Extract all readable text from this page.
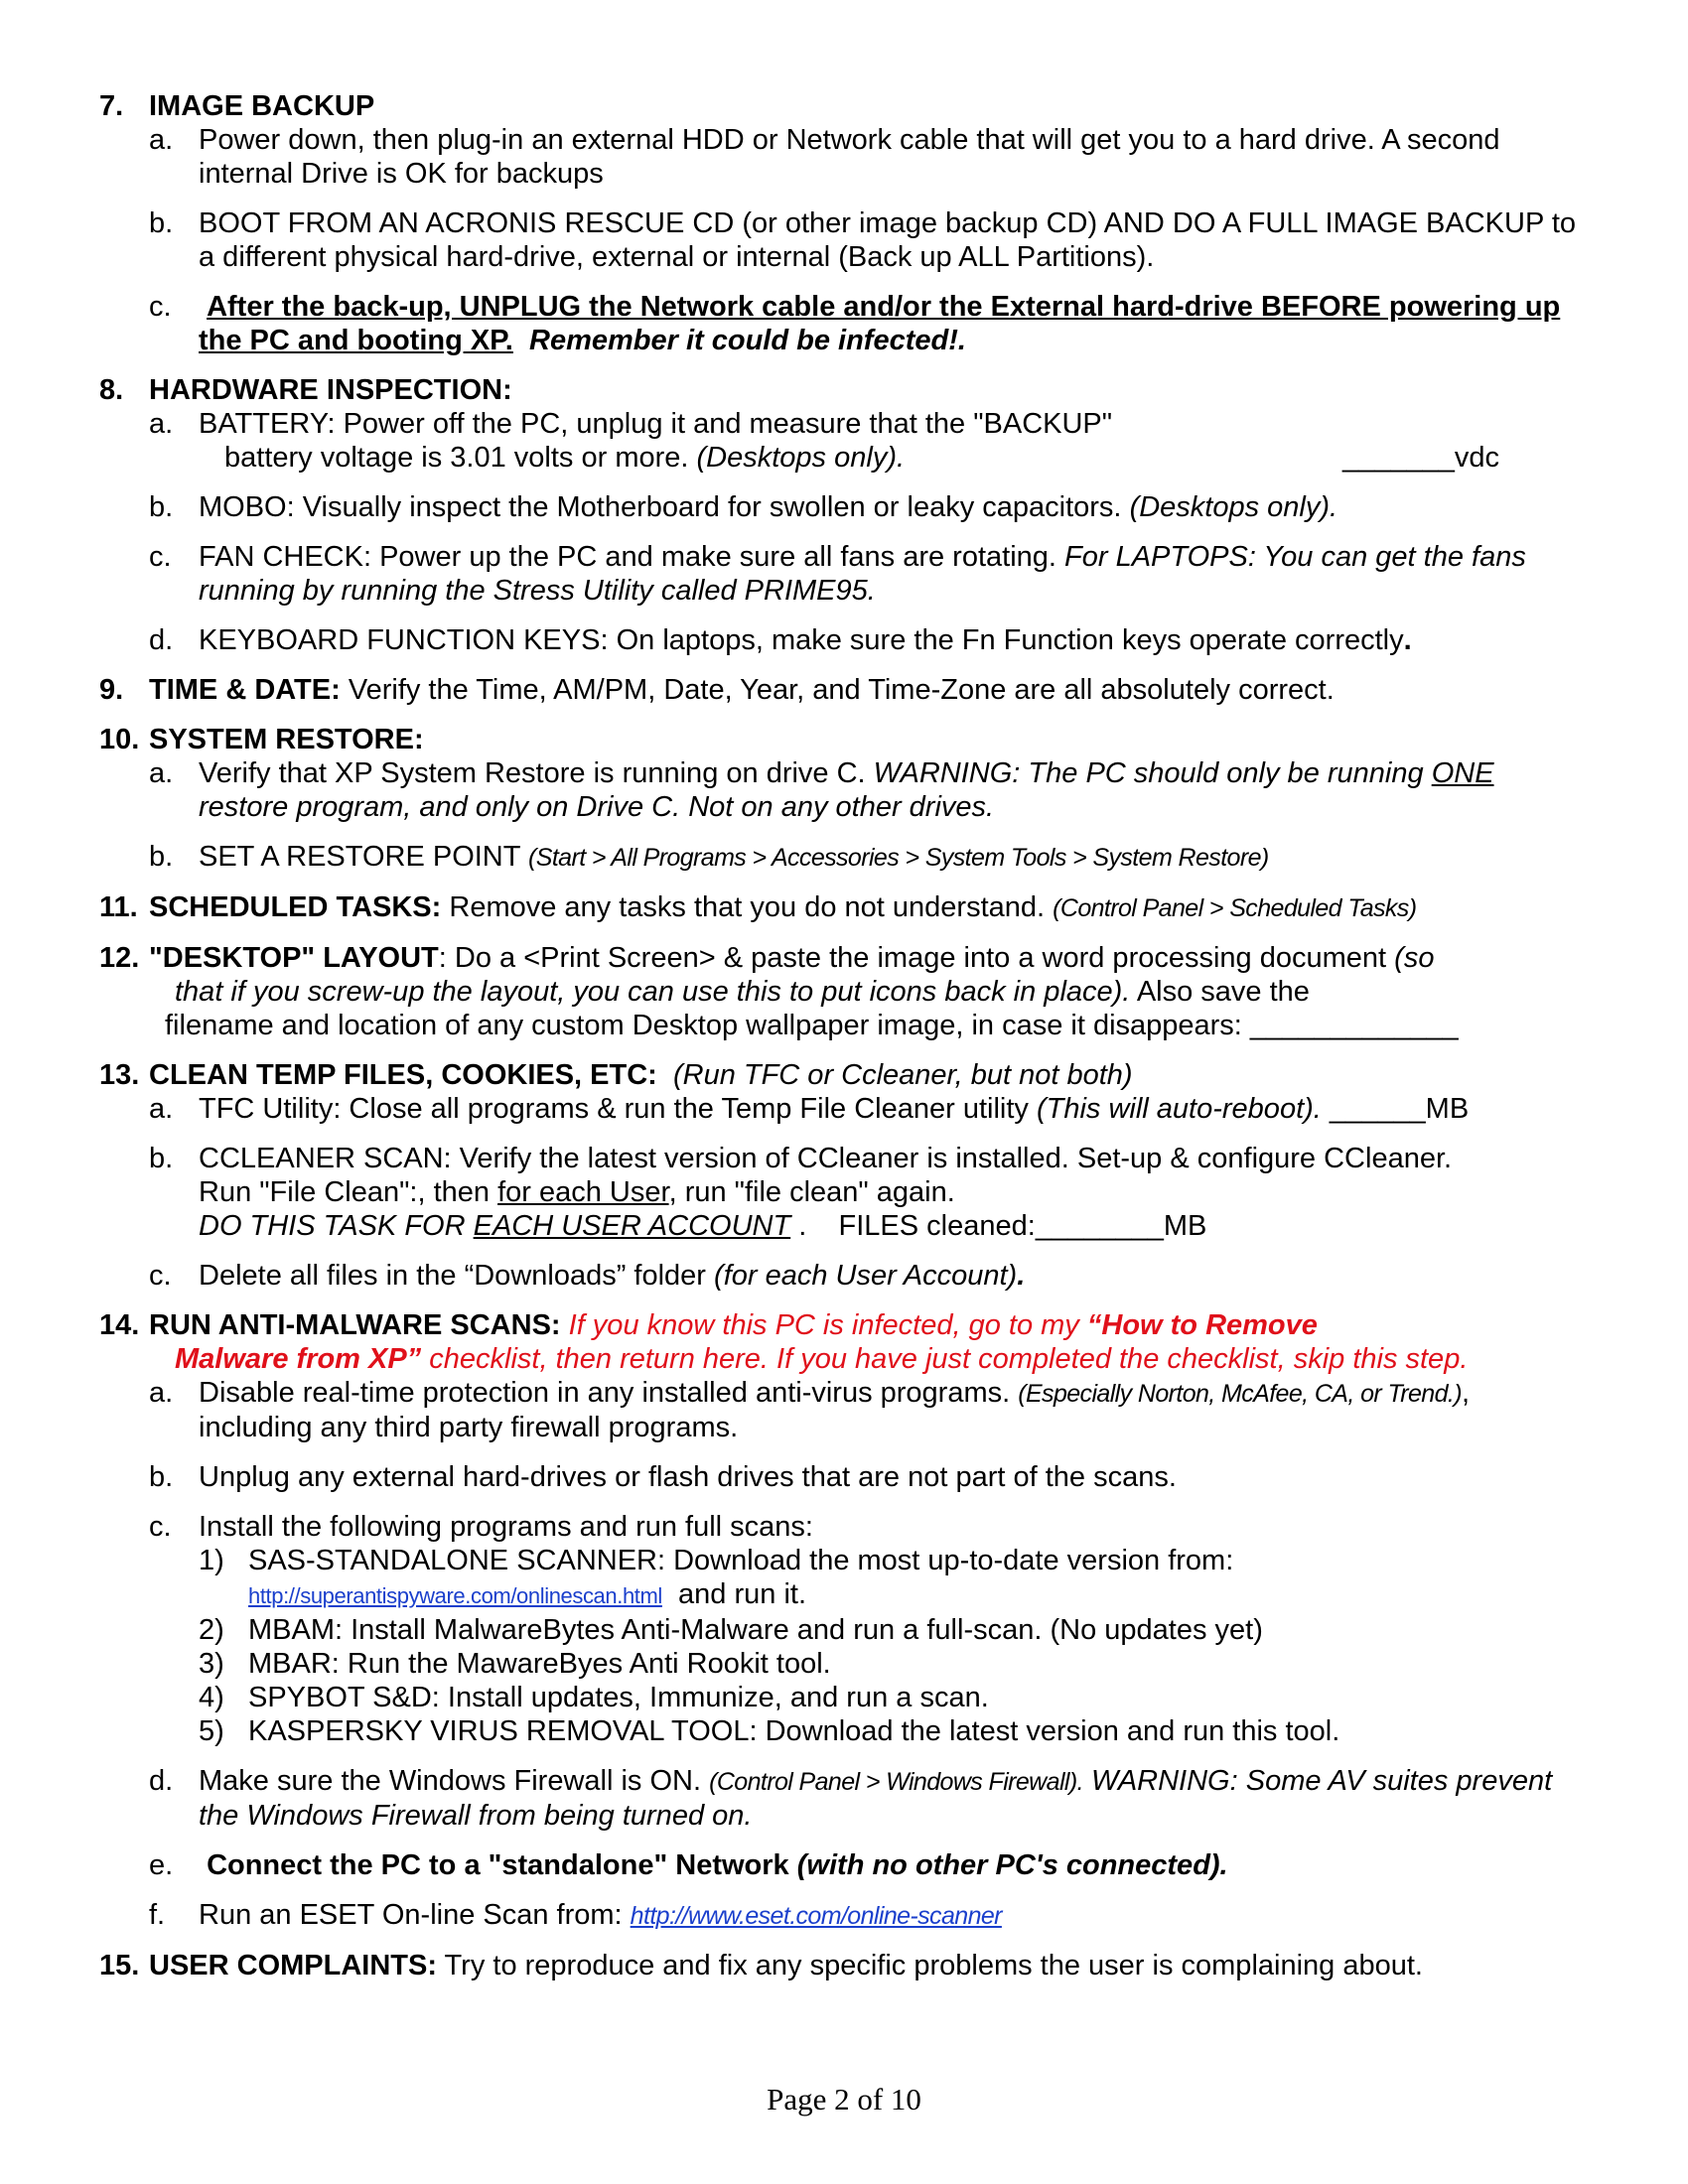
7. IMAGE BACKUP
a. Power down, then plug-in an external HDD or Network cable that will get you to a hard drive. A second internal Drive is OK for backups
b. BOOT FROM AN ACRONIS RESCUE CD (or other image backup CD) AND DO A FULL IMAGE BACKUP to a different physical hard-drive, external or internal (Back up ALL Partitions).
c.	After the back-up, UNPLUG the Network cable and/or the External hard-drive BEFORE powering up the PC and booting XP. Remember it could be infected!.
8. HARDWARE INSPECTION:
a. BATTERY: Power off the PC, unplug it and measure that the "BACKUP"
battery voltage is 3.01 volts or more. (Desktops only).	_______vdc
b. MOBO: Visually inspect the Motherboard for swollen or leaky capacitors. (Desktops only).
c. FAN CHECK: Power up the PC and make sure all fans are rotating. For LAPTOPS: You can get the fans running by running the Stress Utility called PRIME95.
d. KEYBOARD FUNCTION KEYS: On laptops, make sure the Fn Function keys operate correctly.
9. TIME & DATE: Verify the Time, AM/PM, Date, Year, and Time-Zone are all absolutely correct.
10. SYSTEM RESTORE:
a. Verify that XP System Restore is running on drive C. WARNING: The PC should only be running ONE restore program, and only on Drive C. Not on any other drives.
b. SET A RESTORE POINT (Start > All Programs > Accessories > System Tools > System Restore)
11. SCHEDULED TASKS: Remove any tasks that you do not understand. (Control Panel > Scheduled Tasks)
12. "DESKTOP" LAYOUT: Do a <Print Screen> & paste the image into a word processing document (so
that if you screw-up the layout, you can use this to put icons back in place). Also save the
filename and location of any custom Desktop wallpaper image, in case it disappears: _____________
13. CLEAN TEMP FILES, COOKIES, ETC: (Run TFC or Ccleaner, but not both)
a. TFC Utility: Close all programs & run the Temp File Cleaner utility (This will auto-reboot). ______MB
b. CCLEANER SCAN: Verify the latest version of CCleaner is installed. Set-up & configure CCleaner.
Run "File Clean":, then for each User, run "file clean" again.
DO THIS TASK FOR EACH USER ACCOUNT .    FILES cleaned:________MB
c. Delete all files in the “Downloads” folder (for each User Account).
14. RUN ANTI-MALWARE SCANS: If you know this PC is infected, go to my “How to Remove
Malware from XP” checklist, then return here. If you have just completed the checklist, skip this step.
a. Disable real-time protection in any installed anti-virus programs. (Especially Norton, McAfee, CA, or Trend.),
including any third party firewall programs.
b. Unplug any external hard-drives or flash drives that are not part of the scans.
c. Install the following programs and run full scans:
1) SAS-STANDALONE SCANNER: Download the most up-to-date version from:
http://superantispyware.com/onlinescan.html and run it.
2) MBAM: Install MalwareBytes Anti-Malware and run a full-scan. (No updates yet)
3) MBAR: Run the MawareByes Anti Rookit tool.
4) SPYBOT S&D: Install updates, Immunize, and run a scan.
5) KASPERSKY VIRUS REMOVAL TOOL: Download the latest version and run this tool.
d. Make sure the Windows Firewall is ON. (Control Panel > Windows Firewall). WARNING: Some AV suites prevent the Windows Firewall from being turned on.
e.	Connect the PC to a "standalone" Network (with no other PC's connected).
f.	Run an ESET On-line Scan from: http://www.eset.com/online-scanner
15. USER COMPLAINTS: Try to reproduce and fix any specific problems the user is complaining about.
Page 2 of 10
